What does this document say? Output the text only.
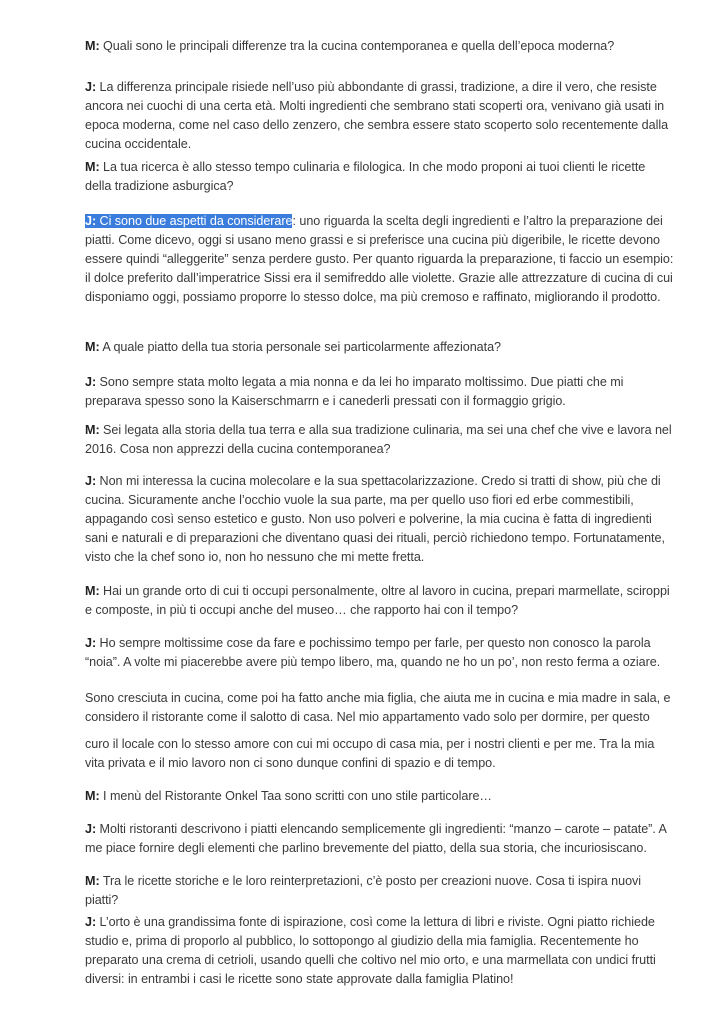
M: Quali sono le principali differenze tra la cucina contemporanea e quella dell’epoca moderna?

J: La differenza principale risiede nell’uso più abbondante di grassi, tradizione, a dire il vero, che resiste ancora nei cuochi di una certa età. Molti ingredienti che sembrano stati scoperti ora, venivano già usati in epoca moderna, come nel caso dello zenzero, che sembra essere stato scoperto solo recentemente dalla cucina occidentale.

M: La tua ricerca è allo stesso tempo culinaria e filologica. In che modo proponi ai tuoi clienti le ricette della tradizione asburgica?

J: Ci sono due aspetti da considerare: uno riguarda la scelta degli ingredienti e l’altro la preparazione dei piatti. Come dicevo, oggi si usano meno grassi e si preferisce una cucina più digeribile, le ricette devono essere quindi “alleggerite” senza perdere gusto. Per quanto riguarda la preparazione, ti faccio un esempio: il dolce preferito dall’imperatrice Sissi era il semifreddo alle violette. Grazie alle attrezzature di cucina di cui disponiamo oggi, possiamo proporre lo stesso dolce, ma più cremoso e raffinato, migliorando il prodotto.

M: A quale piatto della tua storia personale sei particolarmente affezionata?

J: Sono sempre stata molto legata a mia nonna e da lei ho imparato moltissimo. Due piatti che mi preparava spesso sono la Kaiserschmarrn e i canederli pressati con il formaggio grigio.

M: Sei legata alla storia della tua terra e alla sua tradizione culinaria, ma sei una chef che vive e lavora nel 2016. Cosa non apprezzi della cucina contemporanea?

J: Non mi interessa la cucina molecolare e la sua spettacolarizzazione. Credo si tratti di show, più che di cucina. Sicuramente anche l’occhio vuole la sua parte, ma per quello uso fiori ed erbe commestibili, appagando così senso estetico e gusto. Non uso polveri e polverine, la mia cucina è fatta di ingredienti sani e naturali e di preparazioni che diventano quasi dei rituali, perciò richiedono tempo. Fortunatamente, visto che la chef sono io, non ho nessuno che mi mette fretta.

M: Hai un grande orto di cui ti occupi personalmente, oltre al lavoro in cucina, prepari marmellate, sciroppi e composte, in più ti occupi anche del museo… che rapporto hai con il tempo?

J: Ho sempre moltissime cose da fare e pochissimo tempo per farle, per questo non conosco la parola “noia”. A volte mi piacerebbe avere più tempo libero, ma, quando ne ho un po’, non resto ferma a oziare.

Sono cresciuta in cucina, come poi ha fatto anche mia figlia, che aiuta me in cucina e mia madre in sala, e considero il ristorante come il salotto di casa. Nel mio appartamento vado solo per dormire, per questo

curo il locale con lo stesso amore con cui mi occupo di casa mia, per i nostri clienti e per me. Tra la mia vita privata e il mio lavoro non ci sono dunque confini di spazio e di tempo.

M: I menù del Ristorante Onkel Taa sono scritti con uno stile particolare…

J: Molti ristoranti descrivono i piatti elencando semplicemente gli ingredienti: “manzo – carote – patate”. A me piace fornire degli elementi che parlino brevemente del piatto, della sua storia, che incuriosiscano.

M: Tra le ricette storiche e le loro reinterpretazioni, c’è posto per creazioni nuove. Cosa ti ispira nuovi piatti?

J: L’orto è una grandissima fonte di ispirazione, così come la lettura di libri e riviste. Ogni piatto richiede studio e, prima di proporlo al pubblico, lo sottopongo al giudizio della mia famiglia. Recentemente ho preparato una crema di cetrioli, usando quelli che coltivo nel mio orto, e una marmellata con undici frutti diversi: in entrambi i casi le ricette sono state approvate dalla famiglia Platino!
